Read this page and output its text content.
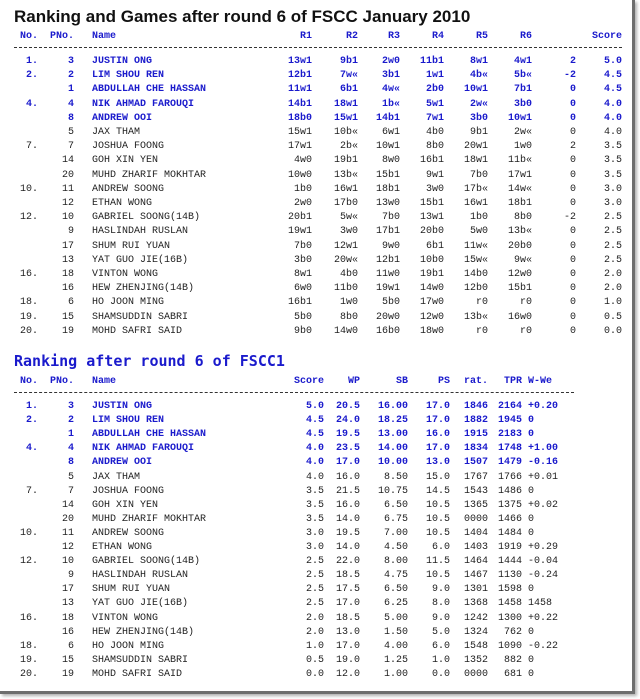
Ranking and Games after round 6 of FSCC January 2010
No.	PNo. Name	R1	R2	R3	R4	R5	R6	Score
1.	3 JUSTIN ONG	13w1	9b1	2w0	11b1	8w1	4w1	2	5.0
2.	2 LIM SHOU REN	12b1	7w«	3b1	1w1	4b«	5b«	-2	4.5
1 ABDULLAH CHE HASSAN	11w1	6b1	4w«	2b0	10w1	7b1	0	4.5
4.	4 NIK AHMAD FAROUQI	14b1	18w1	1b«	5w1	2w«	3b0	0	4.0
8 ANDREW OOI	18b0	15w1	14b1	7w1	3b0	10w1	0	4.0
5 JAX THAM	15w1	10b«	6w1	4b0	9b1	2w«	0	4.0
7.	7 JOSHUA FOONG	17w1	2b«	10w1	8b0	20w1	1w0	2	3.5
14 GOH XIN YEN	4w0	19b1	8w0	16b1	18w1	11b«	0	3.5
20 MUHD ZHARIF MOKHTAR	10w0	13b«	15b1	9w1	7b0	17w1	0	3.5
10.	11 ANDREW SOONG	1b0	16w1	18b1	3w0	17b«	14w«	0	3.0
12 ETHAN WONG	2w0	17b0	13w0	15b1	16w1	18b1	0	3.0
12.	10 GABRIEL SOONG(14B)	20b1	5w«	7b0	13w1	1b0	8b0	-2	2.5
9 HASLINDAH RUSLAN	19w1	3w0	17b1	20b0	5w0	13b«	0	2.5
17 SHUM RUI YUAN	7b0	12w1	9w0	6b1	11w«	20b0	0	2.5
13 YAT GUO JIE(16B)	3b0	20w«	12b1	10b0	15w«	9w«	0	2.5
16.	18 VINTON WONG	8w1	4b0	11w0	19b1	14b0	12w0	0	2.0
16 HEW ZHENJING(14B)	6w0	11b0	19w1	14w0	12b0	15b1	0	2.0
18.	6 HO JOON MING	16b1	1w0	5b0	17w0	r0	r0	0	1.0
19.	15 SHAMSUDDIN SABRI	5b0	8b0	20w0	12w0	13b«	16w0	0	0.5
20.	19 MOHD SAFRI SAID	9b0	14w0	16b0	18w0	r0	r0	0	0.0
Ranking after round 6 of FSCC1
No.	PNo. Name	Score	WP	SB	PS	rat.	TPR W-We
1.	3 JUSTIN ONG	5.0	20.5	16.00	17.0	1846 2164 +0.20
2.	2 LIM SHOU REN	4.5	24.0	18.25	17.0	1882 1945 0
1 ABDULLAH CHE HASSAN	4.5	19.5	13.00	16.0	1915 2183 0
4.	4 NIK AHMAD FAROUQI	4.0	23.5	14.00	17.0	1834 1748 +1.00
8 ANDREW OOI	4.0	17.0	10.00	13.0	1507 1479 -0.16
5 JAX THAM	4.0	16.0	8.50	15.0	1767 1766 +0.01
7.	7 JOSHUA FOONG	3.5	21.5	10.75	14.5	1543 1486 0
14 GOH XIN YEN	3.5	16.0	6.50	10.5	1365 1375 +0.02
20 MUHD ZHARIF MOKHTAR	3.5	14.0	6.75	10.5	0000 1466 0
10.	11 ANDREW SOONG	3.0	19.5	7.00	10.5	1404 1484 0
12 ETHAN WONG	3.0	14.0	4.50	6.0	1403 1919 +0.29
12.	10 GABRIEL SOONG(14B)	2.5	22.0	8.00	11.5	1464 1444 -0.04
9 HASLINDAH RUSLAN	2.5	18.5	4.75	10.5	1467 1130 -0.24
17 SHUM RUI YUAN	2.5	17.5	6.50	9.0	1301 1598 0
13 YAT GUO JIE(16B)	2.5	17.0	6.25	8.0	1368 1458 1458
16.	18 VINTON WONG	2.0	18.5	5.00	9.0	1242 1300 +0.22
16 HEW ZHENJING(14B)	2.0	13.0	1.50	5.0	1324	762 0
18.	6 HO JOON MING	1.0	17.0	4.00	6.0	1548 1090 -0.22
19.	15 SHAMSUDDIN SABRI	0.5	19.0	1.25	1.0	1352	882 0
20.	19 MOHD SAFRI SAID	0.0	12.0	1.00	0.0	0000	681 0
